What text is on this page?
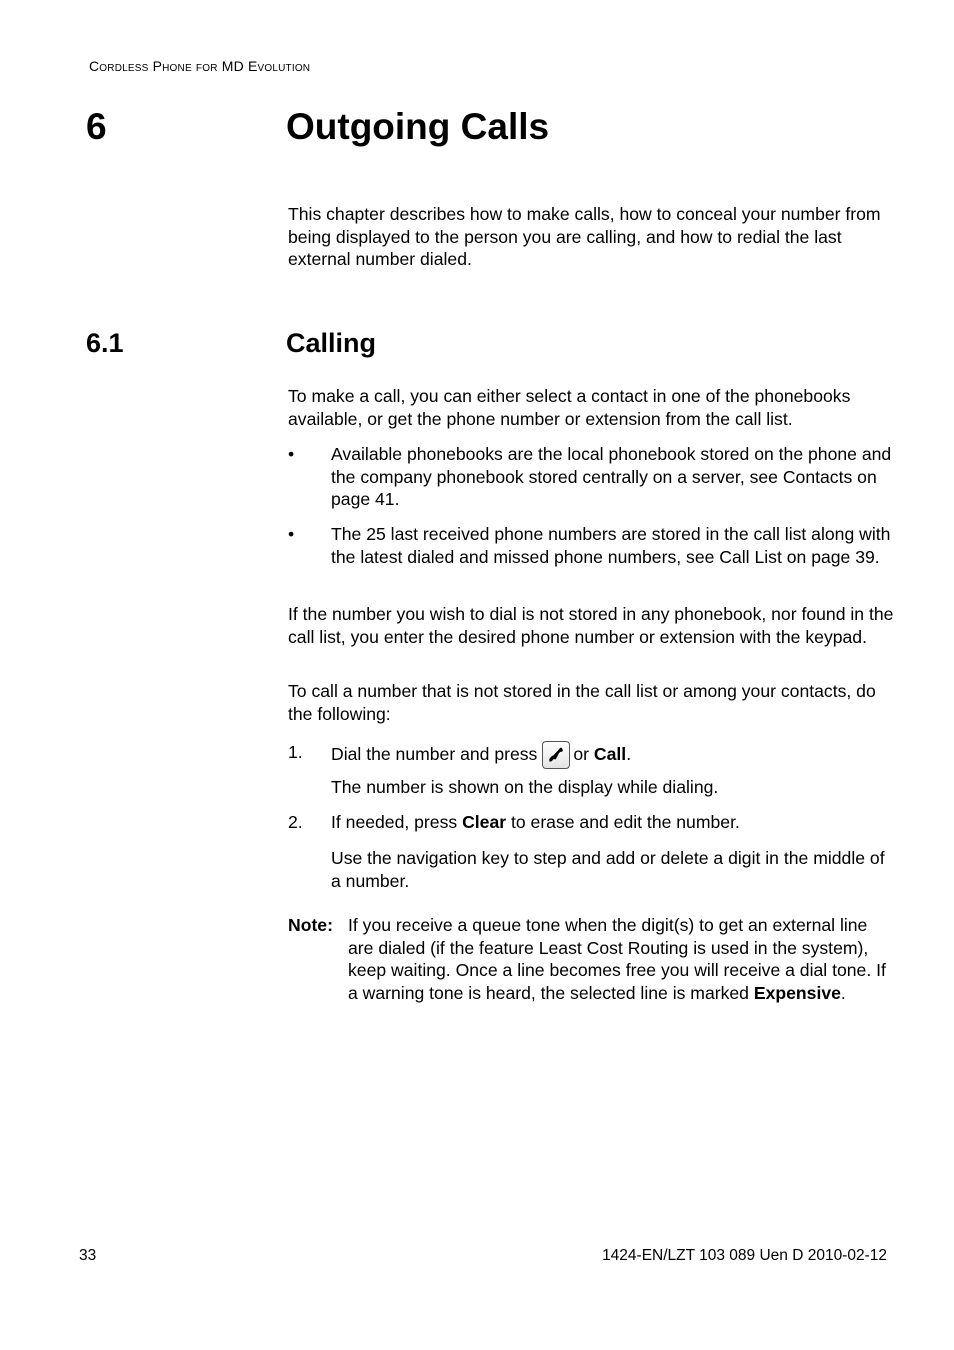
Cordless Phone for MD Evolution
6	Outgoing Calls

This chapter describes how to make calls, how to conceal your number from being displayed to the person you are calling, and how to redial the last external number dialed.

6.1	Calling

To make a call, you can either select a contact in one of the phonebooks available, or get the phone number or extension from the call list.

• Available phonebooks are the local phonebook stored on the phone and the company phonebook stored centrally on a server, see Contacts on page 41.
• The 25 last received phone numbers are stored in the call list along with the latest dialed and missed phone numbers, see Call List on page 39.

If the number you wish to dial is not stored in any phonebook, nor found in the call list, you enter the desired phone number or extension with the keypad.

To call a number that is not stored in the call list or among your contacts, do the following:

1. Dial the number and press or Call.
The number is shown on the display while dialing.
2. If needed, press Clear to erase and edit the number.
Use the navigation key to step and add or delete a digit in the middle of a number.
Note: If you receive a queue tone when the digit(s) to get an external line are dialed (if the feature Least Cost Routing is used in the system), keep waiting. Once a line becomes free you will receive a dial tone. If a warning tone is heard, the selected line is marked Expensive.
33	1424-EN/LZT 103 089 Uen D 2010-02-12
